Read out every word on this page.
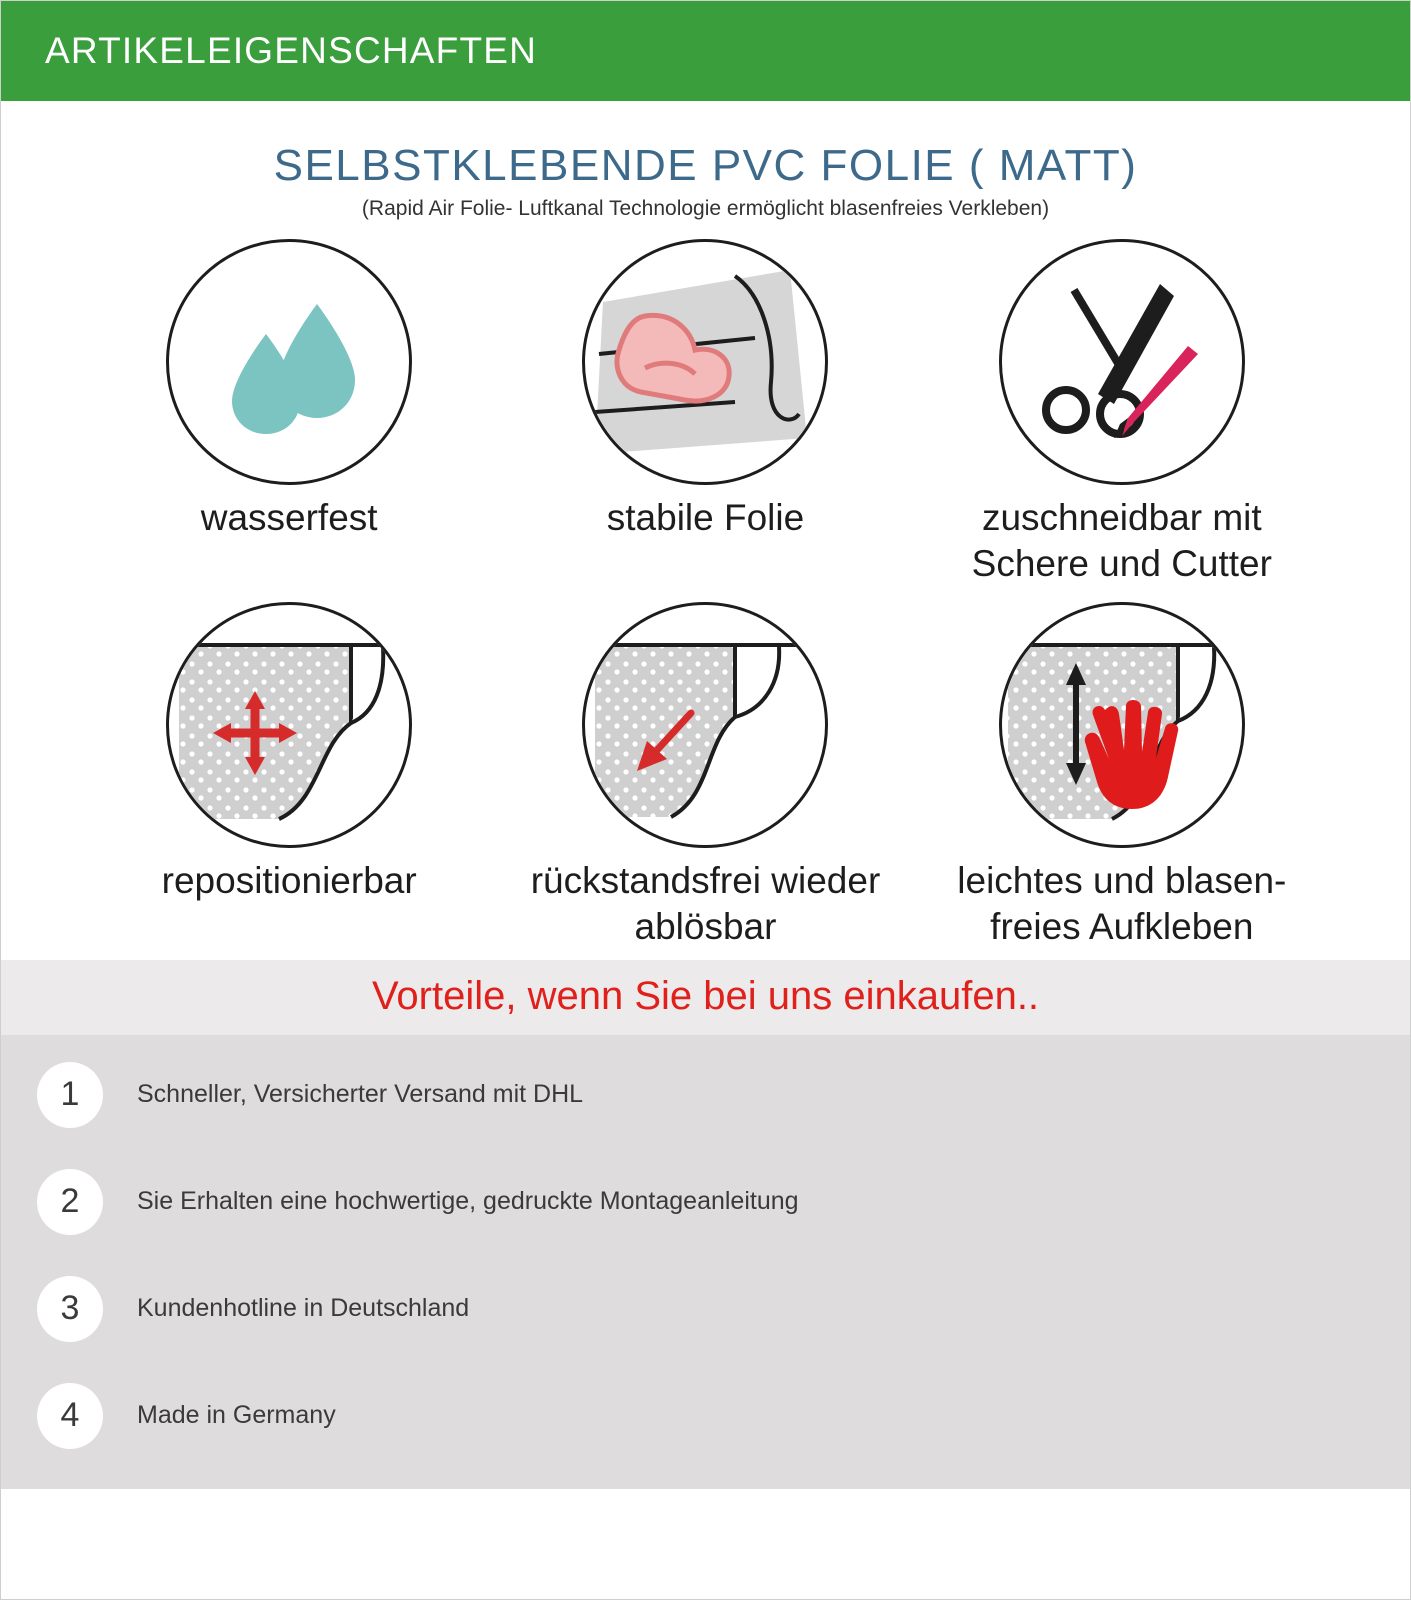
ARTIKELEIGENSCHAFTEN
SELBSTKLEBENDE PVC FOLIE ( MATT)
(Rapid Air Folie- Luftkanal Technologie ermöglicht blasenfreies Verkleben)
wasserfest	stabile Folie	zuschneidbar mit Schere und Cutter
repositionierbar	rückstandsfrei wieder ablösbar
leichtes und blasen- freies Aufkleben
Vorteile, wenn Sie bei uns einkaufen..
1	Schneller, Versicherter Versand mit DHL
2	Sie Erhalten eine hochwertige, gedruckte Montageanleitung
3	Kundenhotline in Deutschland
4	Made in Germany
